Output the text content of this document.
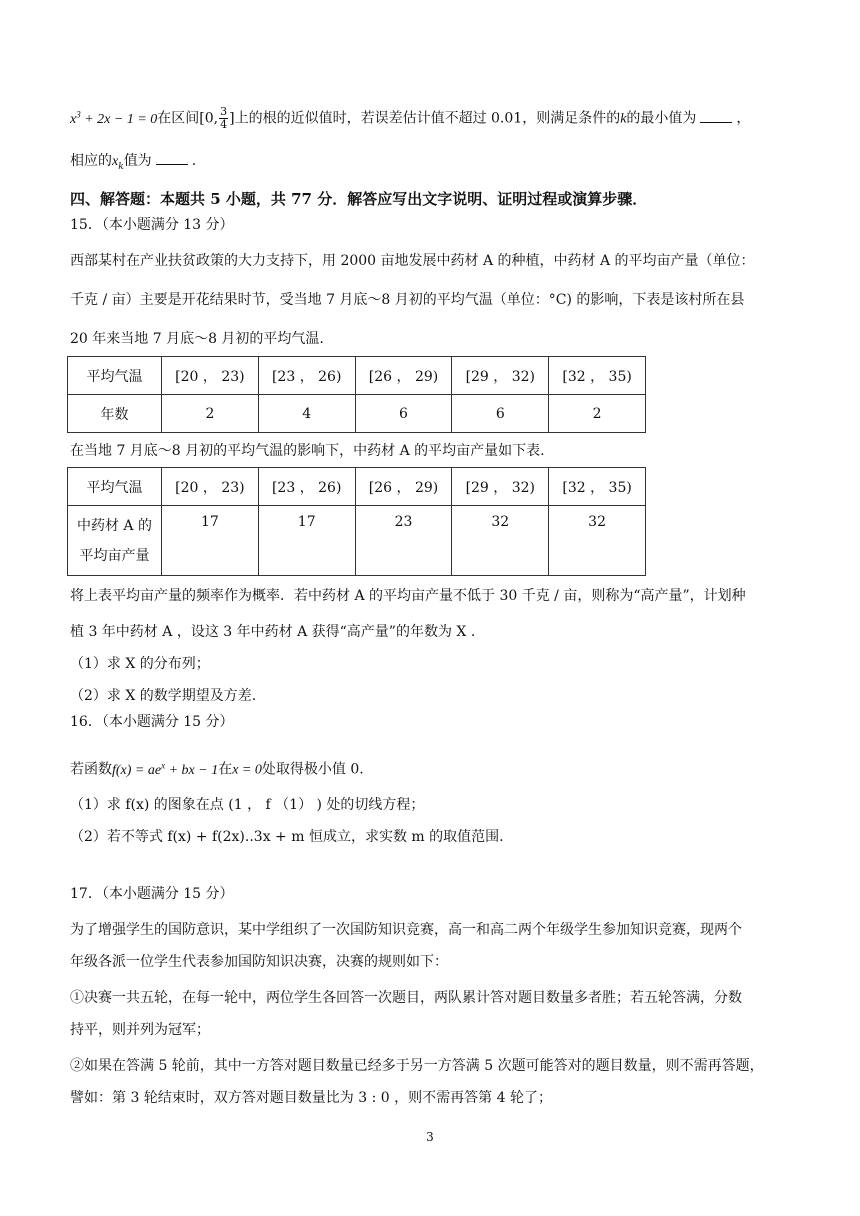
$x^3 + 2x - 1 = 0$在区间[0, $\frac{3}{4}$ ]上的根的近似值时，若误差估计值不超过 0.01，则满足条件的k的最小值为	，
相应的$x_k$值为	.
四、解答题：本题共 5 小题，共 77 分．解答应写出文字说明、证明过程或演算步骤．
15．（本小题满分 13 分）
西部某村在产业扶贫政策的大力支持下，用 2000 亩地发展中药材 A 的种植，中药材 A 的平均亩产量（单位：
千克 / 亩）主要是开花结果时节，受当地 7 月底～8 月初的平均气温（单位：°C) 的影响，下表是该村所在县
20 年来当地 7 月底～8 月初的平均气温.
平均气温	[20 ， 23)	[23 ， 26)	[26 ， 29)	[29 ， 32)	[32 ， 35)
年数	2	4	6	6	2
在当地 7 月底～8 月初的平均气温的影响下，中药材 A 的平均亩产量如下表.
平均气温	[20 ， 23)	[23 ， 26)	[26 ， 29)	[29 ， 32)	[32 ， 35)
中药材 A 的
平均亩产量	17	17	23	32	32
将上表平均亩产量的频率作为概率．若中药材 A 的平均亩产量不低于 30 千克 / 亩，则称为“高产量”，计划种
植 3 年中药材 A ，设这 3 年中药材 A 获得“高产量”的年数为 X .
（1）求 X 的分布列；
（2）求 X 的数学期望及方差.
16．（本小题满分 15 分）
若函数$f(x) = ae^x$ + bx − 1在x = 0处取得极小值 0.
（1）求 f(x) 的图象在点 (1 ， f （1） ) 处的切线方程；
（2）若不等式 f(x) + f(2x)..3x + m 恒成立，求实数 m 的取值范围.
17．（本小题满分 15 分）
为了增强学生的国防意识，某中学组织了一次国防知识竞赛，高一和高二两个年级学生参加知识竞赛，现两个
年级各派一位学生代表参加国防知识决赛，决赛的规则如下：
①决赛一共五轮，在每一轮中，两位学生各回答一次题目，两队累计答对题目数量多者胜；若五轮答满，分数
持平，则并列为冠军；
②如果在答满 5 轮前，其中一方答对题目数量已经多于另一方答满 5 次题可能答对的题目数量，则不需再答题，
譬如：第 3 轮结束时，双方答对题目数量比为 3 : 0 ，则不需再答第 4 轮了；
3
